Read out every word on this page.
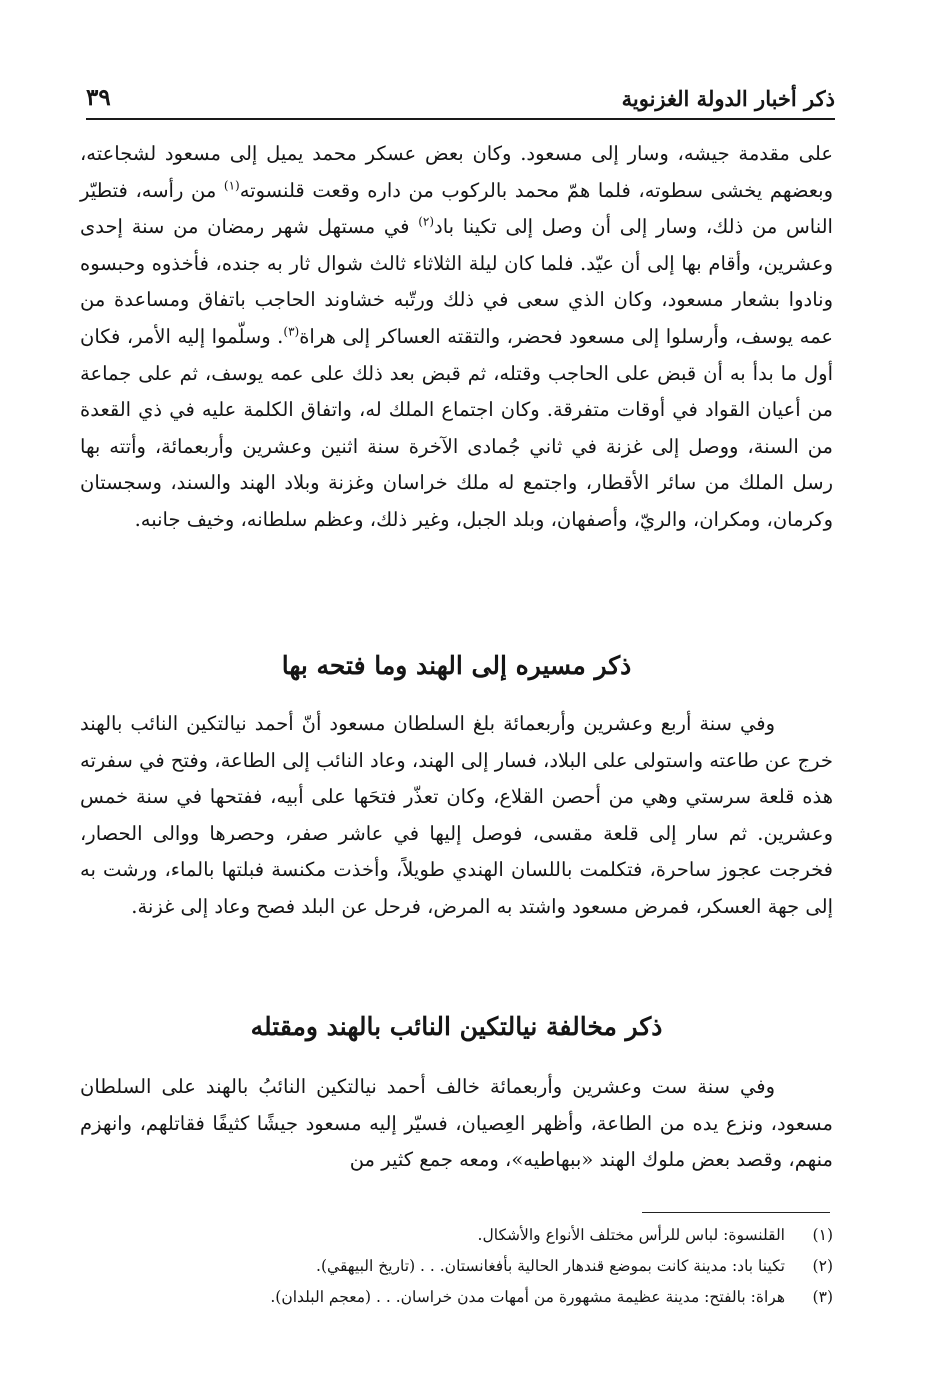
ذكر أخبار الدولة الغزنوية
٣٩

على مقدمة جيشه، وسار إلى مسعود. وكان بعض عسكر محمد يميل إلى مسعود لشجاعته، وبعضهم يخشى سطوته، فلما همّ محمد بالركوب من داره وقعت قلنسوته$^{(١)}$ من رأسه، فتطيّر الناس من ذلك، وسار إلى أن وصل إلى تكينا باد$^{(٢)}$ في مستهل شهر رمضان من سنة إحدى وعشرين، وأقام بها إلى أن عيّد. فلما كان ليلة الثلاثاء ثالث شوال ثار به جنده، فأخذوه وحبسوه ونادوا بشعار مسعود، وكان الذي سعى في ذلك ورتّبه خشاوند الحاجب باتفاق ومساعدة من عمه يوسف، وأرسلوا إلى مسعود فحضر، والتقته العساكر إلى هراة$^{(٣)}$. وسلّموا إليه الأمر، فكان أول ما بدأ به أن قبض على الحاجب وقتله، ثم قبض بعد ذلك على عمه يوسف، ثم على جماعة من أعيان القواد في أوقات متفرقة. وكان اجتماع الملك له، واتفاق الكلمة عليه في ذي القعدة من السنة، ووصل إلى غزنة في ثاني جُمادى الآخرة سنة اثنين وعشرين وأربعمائة، وأتته بها رسل الملك من سائر الأقطار، واجتمع له ملك خراسان وغزنة وبلاد الهند والسند، وسجستان وكرمان، ومكران، والريّ، وأصفهان، وبلد الجبل، وغير ذلك، وعظم سلطانه، وخيف جانبه.

ذكر مسيره إلى الهند وما فتحه بها

وفي سنة أربع وعشرين وأربعمائة بلغ السلطان مسعود أنّ أحمد نيالتكين النائب بالهند خرج عن طاعته واستولى على البلاد، فسار إلى الهند، وعاد النائب إلى الطاعة، وفتح في سفرته هذه قلعة سرستي وهي من أحصن القلاع، وكان تعذّر فتحَها على أبيه، ففتحها في سنة خمس وعشرين. ثم سار إلى قلعة مقسى، فوصل إليها في عاشر صفر، وحصرها ووالى الحصار، فخرجت عجوز ساحرة، فتكلمت باللسان الهندي طويلاً، وأخذت مكنسة فبلتها بالماء، ورشت به إلى جهة العسكر، فمرض مسعود واشتد به المرض، فرحل عن البلد فصح وعاد إلى غزنة.

ذكر مخالفة نيالتكين النائب بالهند ومقتله

وفي سنة ست وعشرين وأربعمائة خالف أحمد نيالتكين النائبُ بالهند على السلطان مسعود، ونزع يده من الطاعة، وأظهر العِصيان، فسيّر إليه مسعود جيشًا كثيفًا فقاتلهم، وانهزم منهم، وقصد بعض ملوك الهند «ببهاطيه»، ومعه جمع كثير من

(١)القلنسوة: لباس للرأس مختلف الأنواع والأشكال.
(٢)تكينا باد: مدينة كانت بموضع قندهار الحالية بأفغانستان. . . (تاريخ البيهقي).
(٣)هراة: بالفتح: مدينة عظيمة مشهورة من أمهات مدن خراسان. . . (معجم البلدان).
